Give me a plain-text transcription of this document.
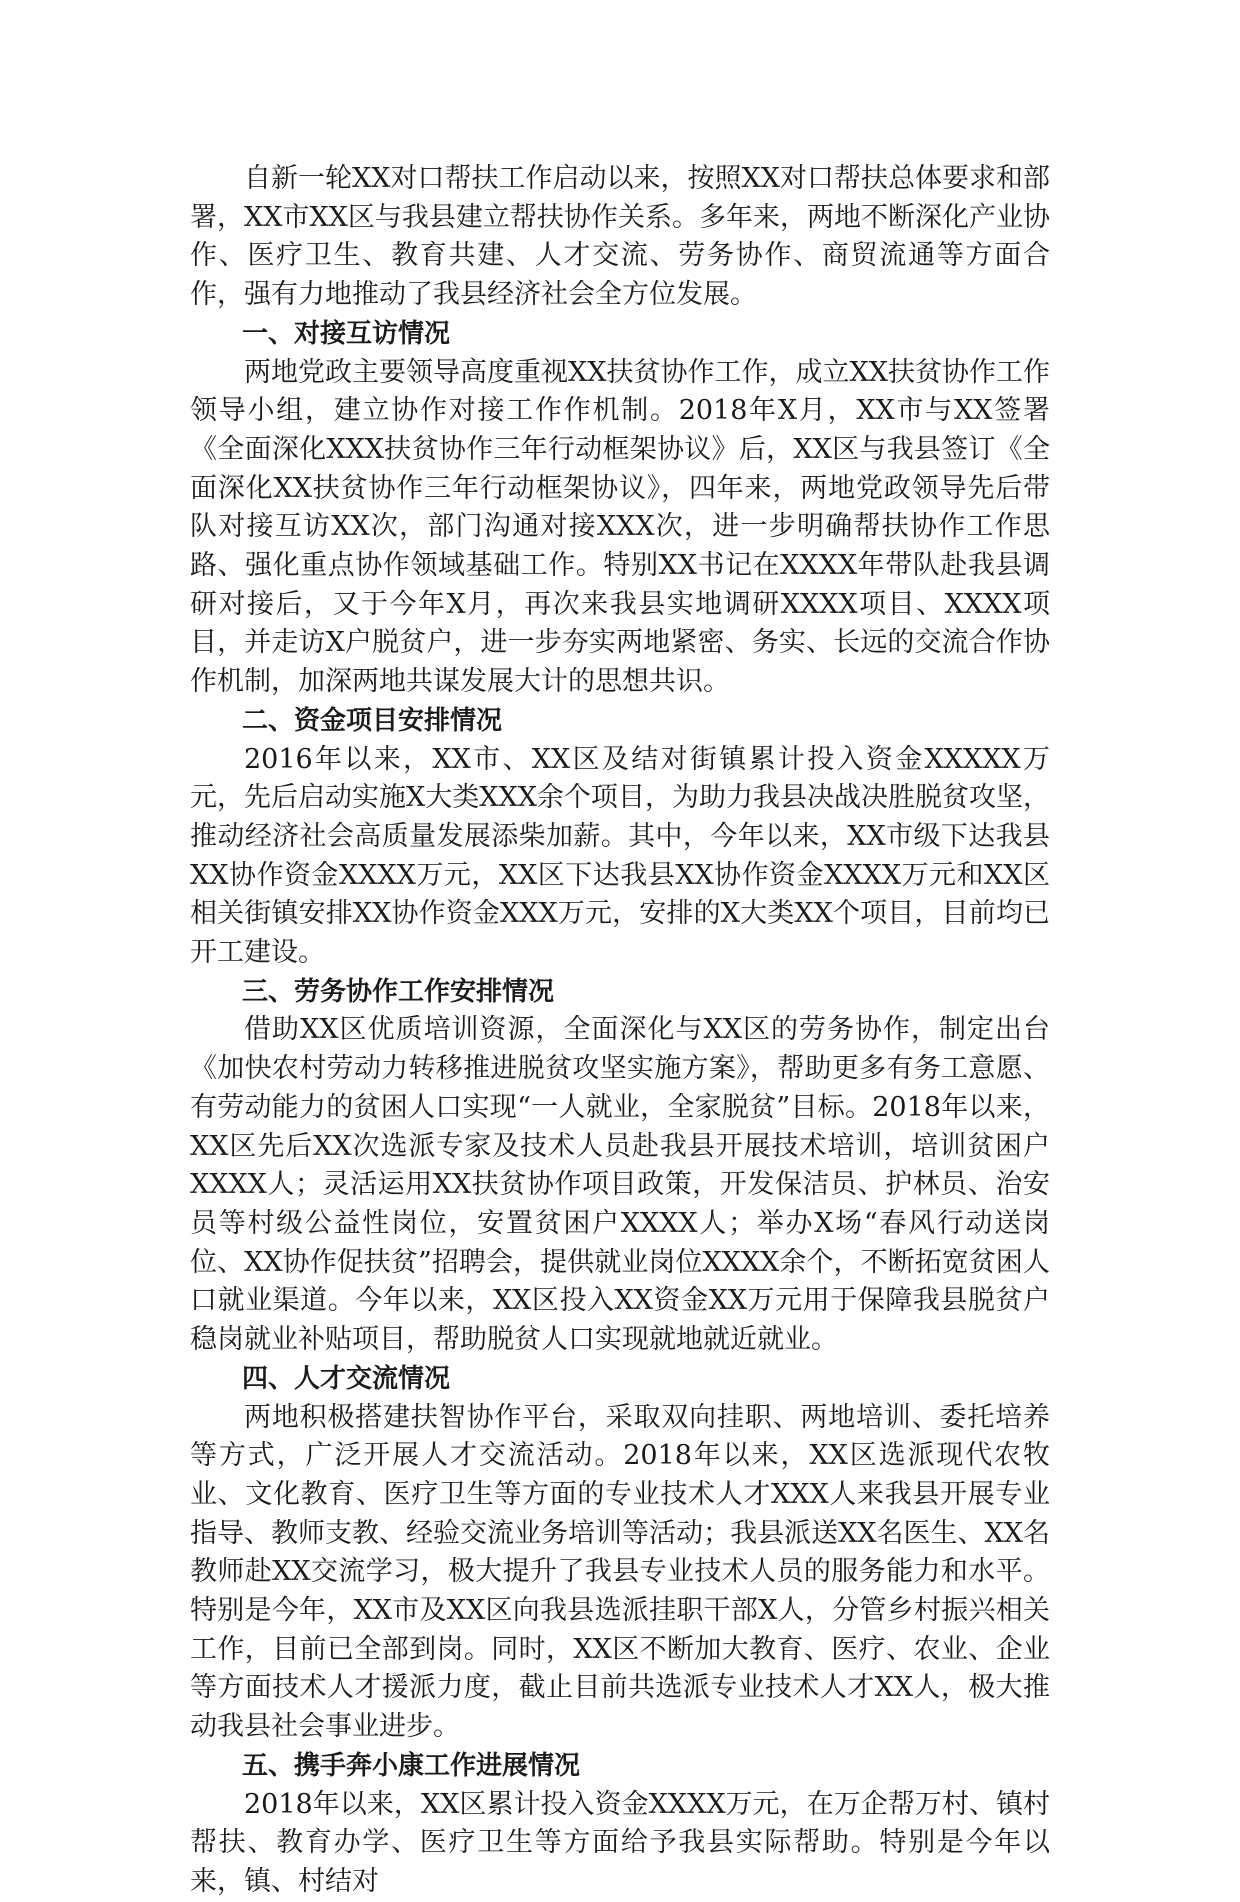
自新一轮XX对口帮扶工作启动以来，按照XX对口帮扶总体要求和部署，XX市XX区与我县建立帮扶协作关系。多年来，两地不断深化产业协作、医疗卫生、教育共建、人才交流、劳务协作、商贸流通等方面合作，强有力地推动了我县经济社会全方位发展。

一、对接互访情况

两地党政主要领导高度重视XX扶贫协作工作，成立XX扶贫协作工作领导小组，建立协作对接工作作机制。2018年X月，XX市与XX签署《全面深化XXX扶贫协作三年行动框架协议》后，XX区与我县签订《全面深化XX扶贫协作三年行动框架协议》，四年来，两地党政领导先后带队对接互访XX次，部门沟通对接XXX次，进一步明确帮扶协作工作思路、强化重点协作领域基础工作。特别XX书记在XXXX年带队赴我县调研对接后，又于今年X月，再次来我县实地调研XXXX项目、XXXX项目，并走访X户脱贫户，进一步夯实两地紧密、务实、长远的交流合作协作机制，加深两地共谋发展大计的思想共识。

二、资金项目安排情况

2016年以来，XX市、XX区及结对街镇累计投入资金XXXXX万元，先后启动实施X大类XXX余个项目，为助力我县决战决胜脱贫攻坚，推动经济社会高质量发展添柴加薪。其中，今年以来，XX市级下达我县XX协作资金XXXX万元，XX区下达我县XX协作资金XXXX万元和XX区相关街镇安排XX协作资金XXX万元，安排的X大类XX个项目，目前均已开工建设。

三、劳务协作工作安排情况

借助XX区优质培训资源，全面深化与XX区的劳务协作，制定出台《加快农村劳动力转移推进脱贫攻坚实施方案》，帮助更多有务工意愿、有劳动能力的贫困人口实现“一人就业，全家脱贫”目标。2018年以来，XX区先后XX次选派专家及技术人员赴我县开展技术培训，培训贫困户XXXX人；灵活运用XX扶贫协作项目政策，开发保洁员、护林员、治安员等村级公益性岗位，安置贫困户XXXX人；举办X场“春风行动送岗位、XX协作促扶贫”招聘会，提供就业岗位XXXX余个，不断拓宽贫困人口就业渠道。今年以来，XX区投入XX资金XX万元用于保障我县脱贫户稳岗就业补贴项目，帮助脱贫人口实现就地就近就业。

四、人才交流情况

两地积极搭建扶智协作平台，采取双向挂职、两地培训、委托培养等方式，广泛开展人才交流活动。2018年以来，XX区选派现代农牧业、文化教育、医疗卫生等方面的专业技术人才XXX人来我县开展专业指导、教师支教、经验交流业务培训等活动；我县派送XX名医生、XX名教师赴XX交流学习，极大提升了我县专业技术人员的服务能力和水平。特别是今年，XX市及XX区向我县选派挂职干部X人，分管乡村振兴相关工作，目前已全部到岗。同时，XX区不断加大教育、医疗、农业、企业等方面技术人才援派力度，截止目前共选派专业技术人才XX人，极大推动我县社会事业进步。

五、携手奔小康工作进展情况

2018年以来，XX区累计投入资金XXXX万元，在万企帮万村、镇村帮扶、教育办学、医疗卫生等方面给予我县实际帮助。特别是今年以来，镇、村结对
